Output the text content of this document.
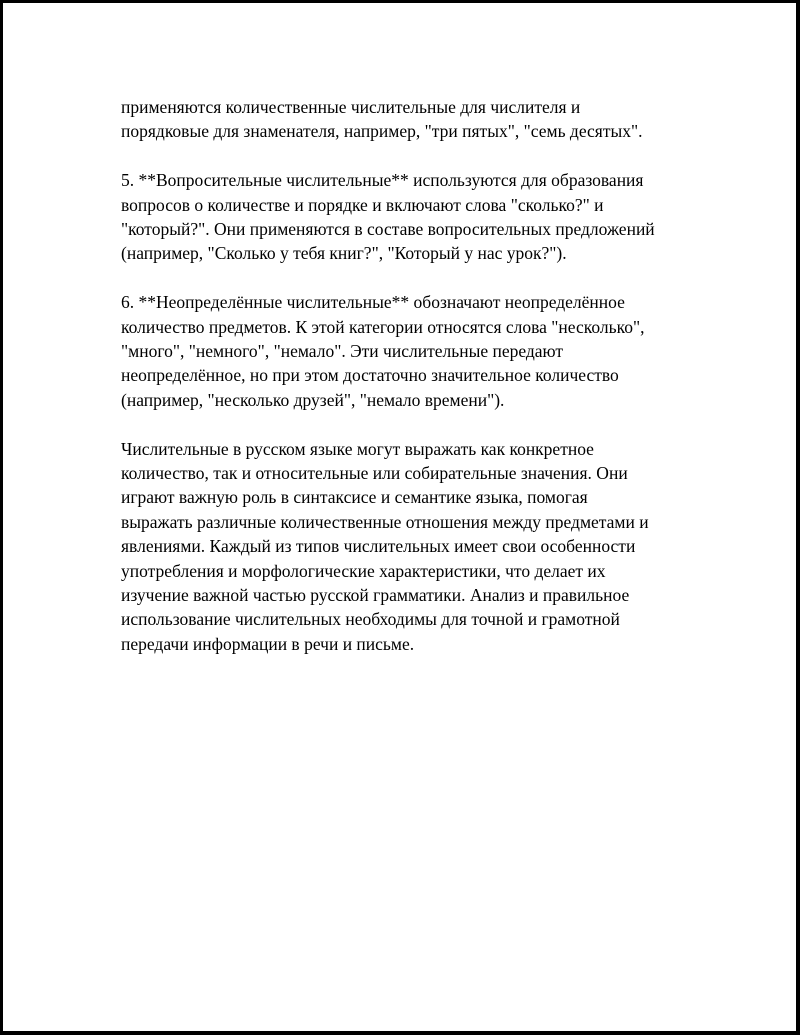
применяются количественные числительные для числителя и
порядковые для знаменателя, например, "три пятых", "семь десятых".

5. **Вопросительные числительные** используются для образования
вопросов о количестве и порядке и включают слова "сколько?" и
"который?". Они применяются в составе вопросительных предложений
(например, "Сколько у тебя книг?", "Который у нас урок?").

6. **Неопределённые числительные** обозначают неопределённое
количество предметов. К этой категории относятся слова "несколько",
"много", "немного", "немало". Эти числительные передают
неопределённое, но при этом достаточно значительное количество
(например, "несколько друзей", "немало времени").

Числительные в русском языке могут выражать как конкретное
количество, так и относительные или собирательные значения. Они
играют важную роль в синтаксисе и семантике языка, помогая
выражать различные количественные отношения между предметами и
явлениями. Каждый из типов числительных имеет свои особенности
употребления и морфологические характеристики, что делает их
изучение важной частью русской грамматики. Анализ и правильное
использование числительных необходимы для точной и грамотной
передачи информации в речи и письме.
